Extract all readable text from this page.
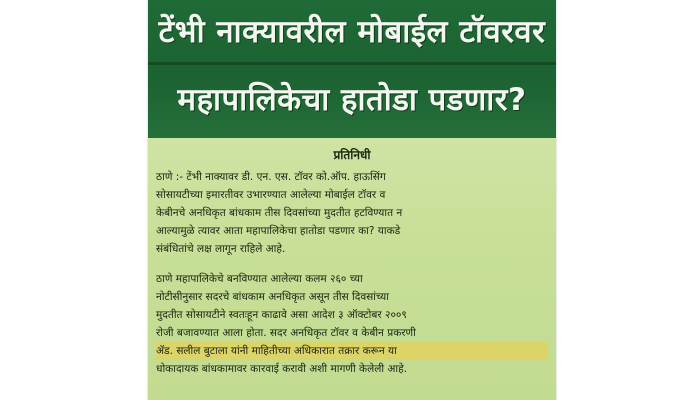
टेंभी नाक्यावरील मोबाईल टॉवरवर
महापालिकेचा हातोडा पडणार?
प्रतिनिधी
ठाणे :- टेंभी नाक्यावर डी. एन. एस. टॉवर को.ऑप. हाऊसिंग
सोसायटीच्या इमारतीवर उभारण्यात आलेल्या मोबाईल टॉवर व
केबीनचे अनधिकृत बांधकाम तीस दिवसांच्या मुदतीत हटविण्यात न
आल्यामुळे त्यावर आता महापालिकेचा हातोडा पडणार का? याकडे
संबंधितांचे लक्ष लागून राहिले आहे.
ठाणे महापालिकेचे बनविण्यात आलेल्या कलम २६० च्या
नोटीसीनुसार सदरचे बांधकाम अनधिकृत असून तीस दिवसांच्या
मुदतीत सोसायटीने स्वतःहून काढावे असा आदेश ३ ऑक्टोबर २००९
रोजी बजावण्यात आला होता. सदर अनधिकृत टॉवर व केबीन प्रकरणी
ॲड. सलील बुटाला यांनी माहितीच्या अधिकारात तक्रार करून या
धोकादायक बांधकामावर कारवाई करावी अशी मागणी केलेली आहे.
